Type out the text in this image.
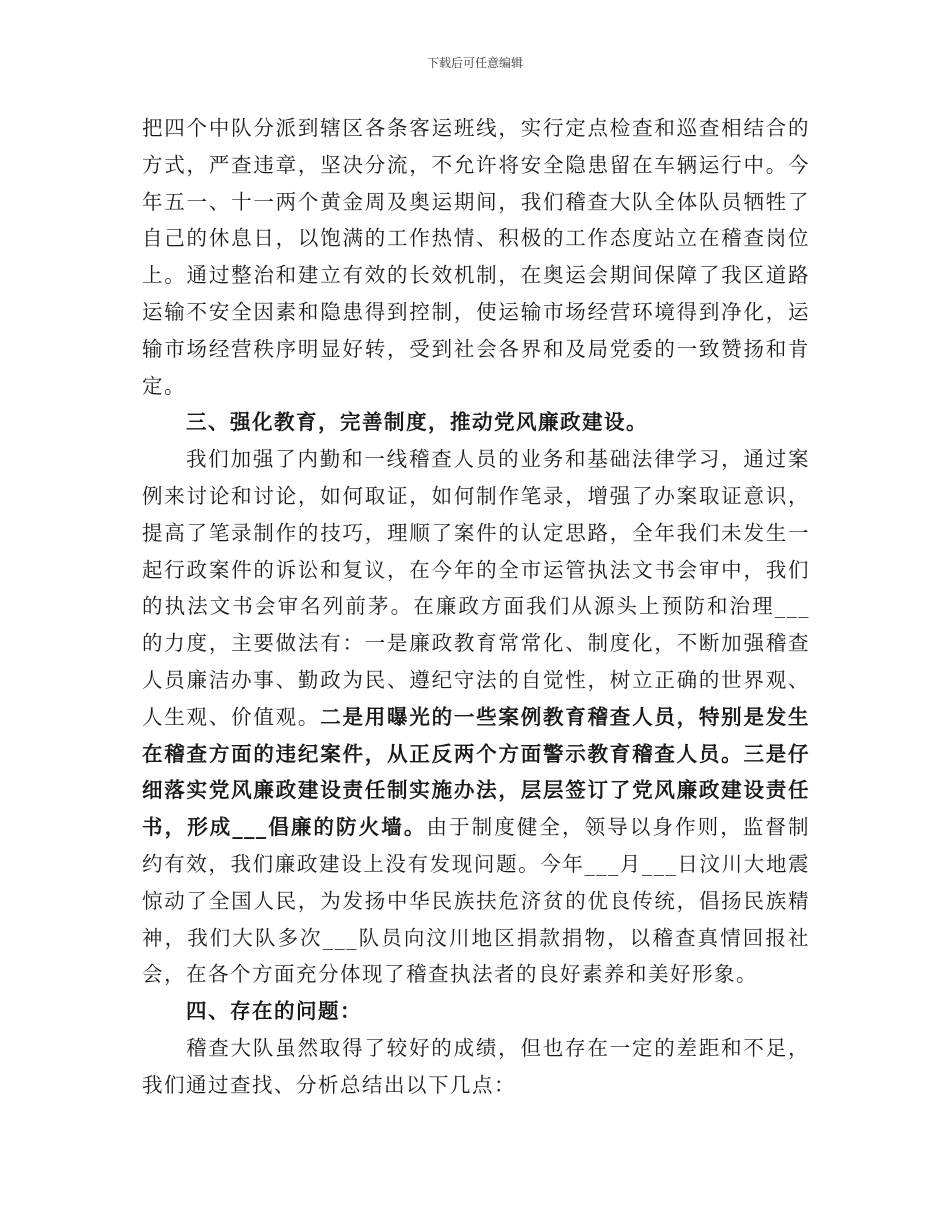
下载后可任意编辑

把四个中队分派到辖区各条客运班线，实行定点检查和巡查相结合的方式，严查违章，坚决分流，不允许将安全隐患留在车辆运行中。今年五一、十一两个黄金周及奥运期间，我们稽查大队全体队员牺牲了自己的休息日，以饱满的工作热情、积极的工作态度站立在稽查岗位上。通过整治和建立有效的长效机制，在奥运会期间保障了我区道路运输不安全因素和隐患得到控制，使运输市场经营环境得到净化，运输市场经营秩序明显好转，受到社会各界和及局党委的一致赞扬和肯定。

三、强化教育，完善制度，推动党风廉政建设。

我们加强了内勤和一线稽查人员的业务和基础法律学习，通过案例来讨论和讨论，如何取证，如何制作笔录，增强了办案取证意识，提高了笔录制作的技巧，理顺了案件的认定思路，全年我们未发生一起行政案件的诉讼和复议，在今年的全市运管执法文书会审中，我们的执法文书会审名列前茅。在廉政方面我们从源头上预防和治理___的力度，主要做法有：一是廉政教育常常化、制度化，不断加强稽查人员廉洁办事、勤政为民、遵纪守法的自觉性，树立正确的世界观、人生观、价值观。二是用曝光的一些案例教育稽查人员，特别是发生在稽查方面的违纪案件，从正反两个方面警示教育稽查人员。三是仔细落实党风廉政建设责任制实施办法，层层签订了党风廉政建设责任书，形成___倡廉的防火墙。由于制度健全，领导以身作则，监督制约有效，我们廉政建设上没有发现问题。今年___月___日汶川大地震惊动了全国人民，为发扬中华民族扶危济贫的优良传统，倡扬民族精神，我们大队多次___队员向汶川地区捐款捐物，以稽查真情回报社会，在各个方面充分体现了稽查执法者的良好素养和美好形象。

四、存在的问题：

稽查大队虽然取得了较好的成绩，但也存在一定的差距和不足，我们通过查找、分析总结出以下几点：
